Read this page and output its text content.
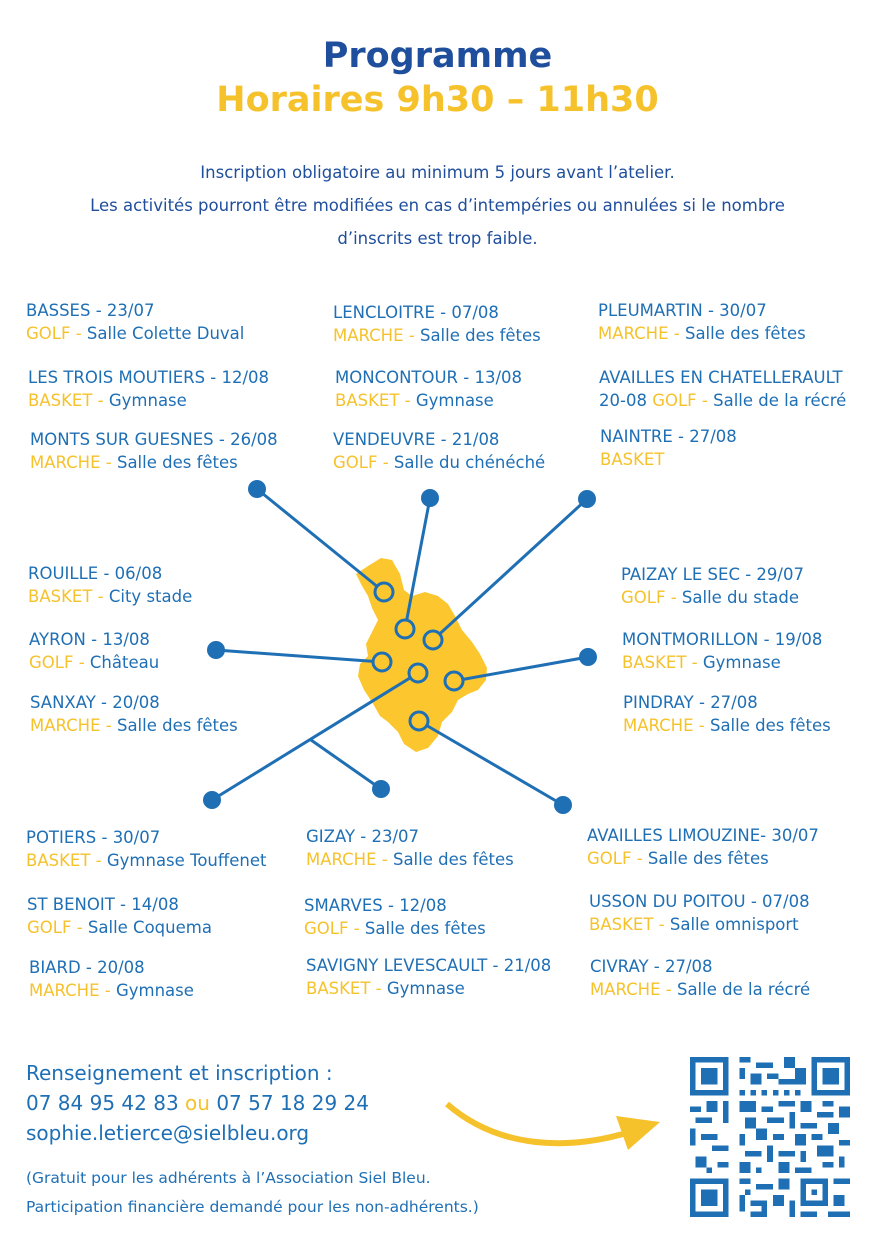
Programme
Horaires 9h30 – 11h30
Inscription obligatoire au minimum 5 jours avant l’atelier.
Les activités pourront être modifiées en cas d’intempéries ou annulées si le nombre
d’inscrits est trop faible.
BASSES - 23/07
GOLF - Salle Colette Duval
LES TROIS MOUTIERS - 12/08
BASKET - Gymnase
MONTS SUR GUESNES - 26/08
MARCHE - Salle des fêtes
LENCLOITRE - 07/08
MARCHE - Salle des fêtes
MONCONTOUR - 13/08
BASKET - Gymnase
VENDEUVRE - 21/08
GOLF - Salle du chénéché
PLEUMARTIN - 30/07
MARCHE - Salle des fêtes
AVAILLES EN CHATELLERAULT
20-08 GOLF - Salle de la récré
NAINTRE - 27/08
BASKET
ROUILLE - 06/08
BASKET - City stade
AYRON - 13/08
GOLF - Château
SANXAY - 20/08
MARCHE - Salle des fêtes
PAIZAY LE SEC - 29/07
GOLF - Salle du stade
MONTMORILLON - 19/08
BASKET - Gymnase
PINDRAY - 27/08
MARCHE - Salle des fêtes
POTIERS - 30/07
BASKET - Gymnase Touffenet
ST BENOIT - 14/08
GOLF - Salle Coquema
BIARD - 20/08
MARCHE - Gymnase
GIZAY - 23/07
MARCHE - Salle des fêtes
SMARVES - 12/08
GOLF - Salle des fêtes
SAVIGNY LEVESCAULT - 21/08
BASKET - Gymnase
AVAILLES LIMOUZINE- 30/07
GOLF - Salle des fêtes
USSON DU POITOU - 07/08
BASKET - Salle omnisport
CIVRAY - 27/08
MARCHE - Salle de la récré
Renseignement et inscription :
07 84 95 42 83 ou 07 57 18 29 24
sophie.letierce@sielbleu.org
(Gratuit pour les adhérents à l’Association Siel Bleu.
Participation financière demandé pour les non-adhérents.)
